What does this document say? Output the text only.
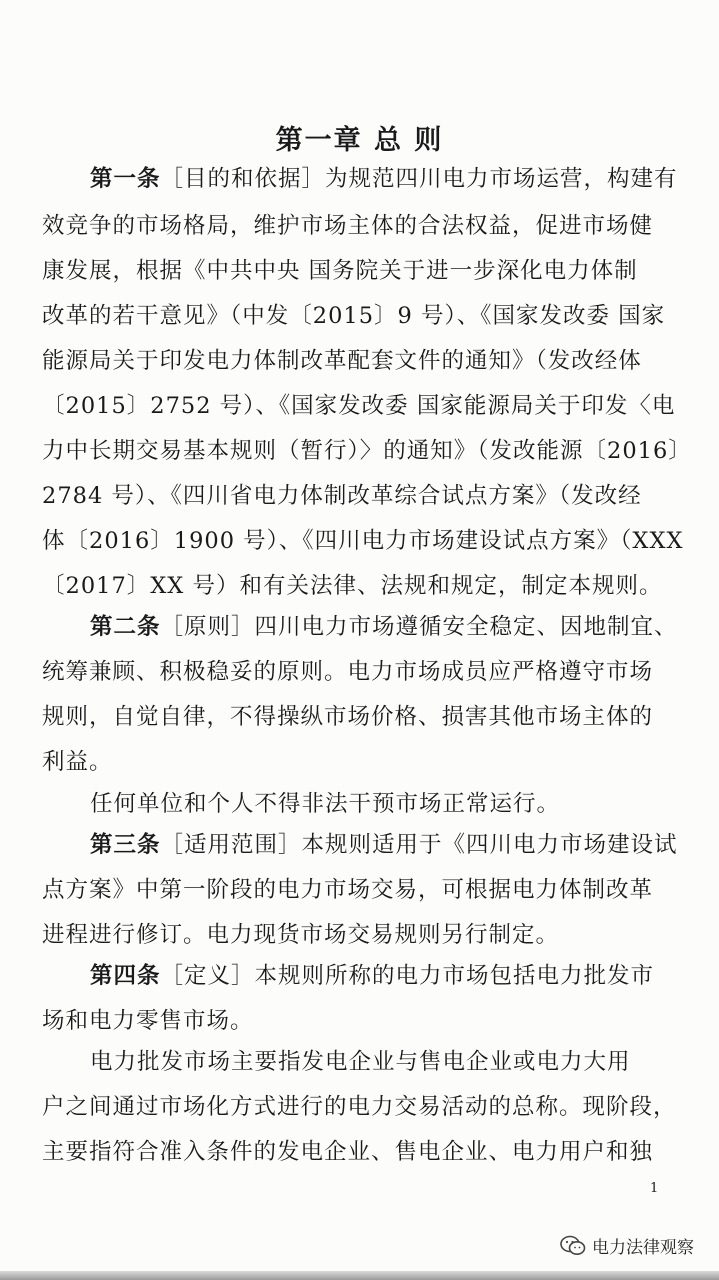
第一章 总 则
第一条［目的和依据］为规范四川电力市场运营，构建有
效竞争的市场格局，维护市场主体的合法权益，促进市场健
康发展，根据《中共中央 国务院关于进一步深化电力体制
改革的若干意见》（中发〔2015〕9 号）、《国家发改委 国家
能源局关于印发电力体制改革配套文件的通知》（发改经体
〔2015〕2752 号）、《国家发改委 国家能源局关于印发〈电
力中长期交易基本规则（暂行）〉的通知》（发改能源〔2016〕
2784 号）、《四川省电力体制改革综合试点方案》（发改经
体〔2016〕1900 号）、《四川电力市场建设试点方案》（XXX
〔2017〕XX 号）和有关法律、法规和规定，制定本规则。
第二条［原则］四川电力市场遵循安全稳定、因地制宜、
统筹兼顾、积极稳妥的原则。电力市场成员应严格遵守市场
规则，自觉自律，不得操纵市场价格、损害其他市场主体的
利益。
任何单位和个人不得非法干预市场正常运行。
第三条［适用范围］本规则适用于《四川电力市场建设试
点方案》中第一阶段的电力市场交易，可根据电力体制改革
进程进行修订。电力现货市场交易规则另行制定。
第四条［定义］本规则所称的电力市场包括电力批发市
场和电力零售市场。
电力批发市场主要指发电企业与售电企业或电力大用
户之间通过市场化方式进行的电力交易活动的总称。现阶段，
主要指符合准入条件的发电企业、售电企业、电力用户和独
1
电力法律观察
